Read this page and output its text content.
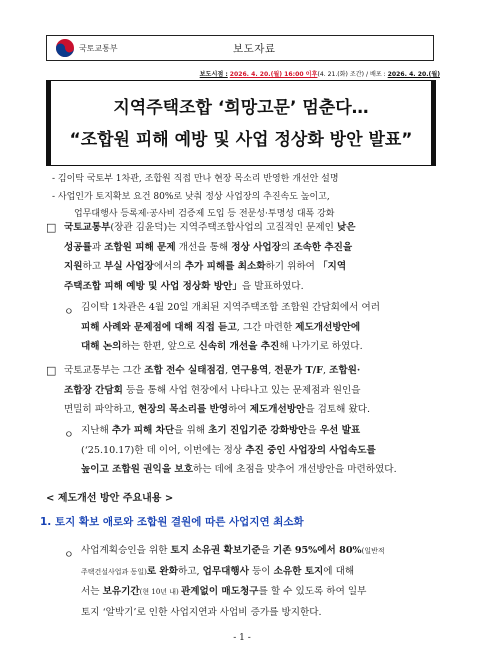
국토교통부	보도자료
보도시점 : 2026. 4. 20.(월) 16:00 이후(4. 21.(화) 조간) / 배포 : 2026. 4. 20.(월)
지역주택조합 ‘희망고문’ 멈춘다…
“조합원 피해 예방 및 사업 정상화 방안 발표”
- 김이탁 국토부 1차관, 조합원 직접 만나 현장 목소리 반영한 개선안 설명
- 사업인가 토지확보 요건 80%로 낮춰 정상 사업장의 추진속도 높이고,
업무대행사 등록제·공사비 검증제 도입 등 전문성·투명성 대폭 강화
□ 국토교통부(장관 김윤덕)는 지역주택조합사업의 고질적인 문제인 낮은
성공률과 조합원 피해 문제 개선을 통해 정상 사업장의 조속한 추진을
지원하고 부실 사업장에서의 추가 피해를 최소화하기 위하여 「지역
주택조합 피해 예방 및 사업 정상화 방안」을 발표하였다.
ㅇ 김이탁 1차관은 4월 20일 개최된 지역주택조합 조합원 간담회에서 여러
피해 사례와 문제점에 대해 직접 듣고, 그간 마련한 제도개선방안에
대해 논의하는 한편, 앞으로 신속히 개선을 추진해 나가기로 하였다.
□ 국토교통부는 그간 조합 전수 실태점검, 연구용역, 전문가 T/F, 조합원·
조합장 간담회 등을 통해 사업 현장에서 나타나고 있는 문제점과 원인을
면밀히 파악하고, 현장의 목소리를 반영하여 제도개선방안을 검토해 왔다.
ㅇ 지난해 추가 피해 차단을 위해 초기 진입기준 강화방안을 우선 발표
(‘25.10.17)한 데 이어, 이번에는 정상 추진 중인 사업장의 사업속도를
높이고 조합원 권익을 보호하는 데에 초점을 맞추어 개선방안을 마련하였다.
< 제도개선 방안 주요내용 >
1. 토지 확보 애로와 조합원 결원에 따른 사업지연 최소화
ㅇ 사업계획승인을 위한 토지 소유권 확보기준을 기존 95%에서 80%(일반적
주택건설사업과 동일)로 완화하고, 업무대행사 등이 소유한 토지에 대해
서는 보유기간(현 10년 내) 관계없이 매도청구를 할 수 있도록 하여 일부
토지 ‘알박기’로 인한 사업지연과 사업비 증가를 방지한다.
- 1 -
